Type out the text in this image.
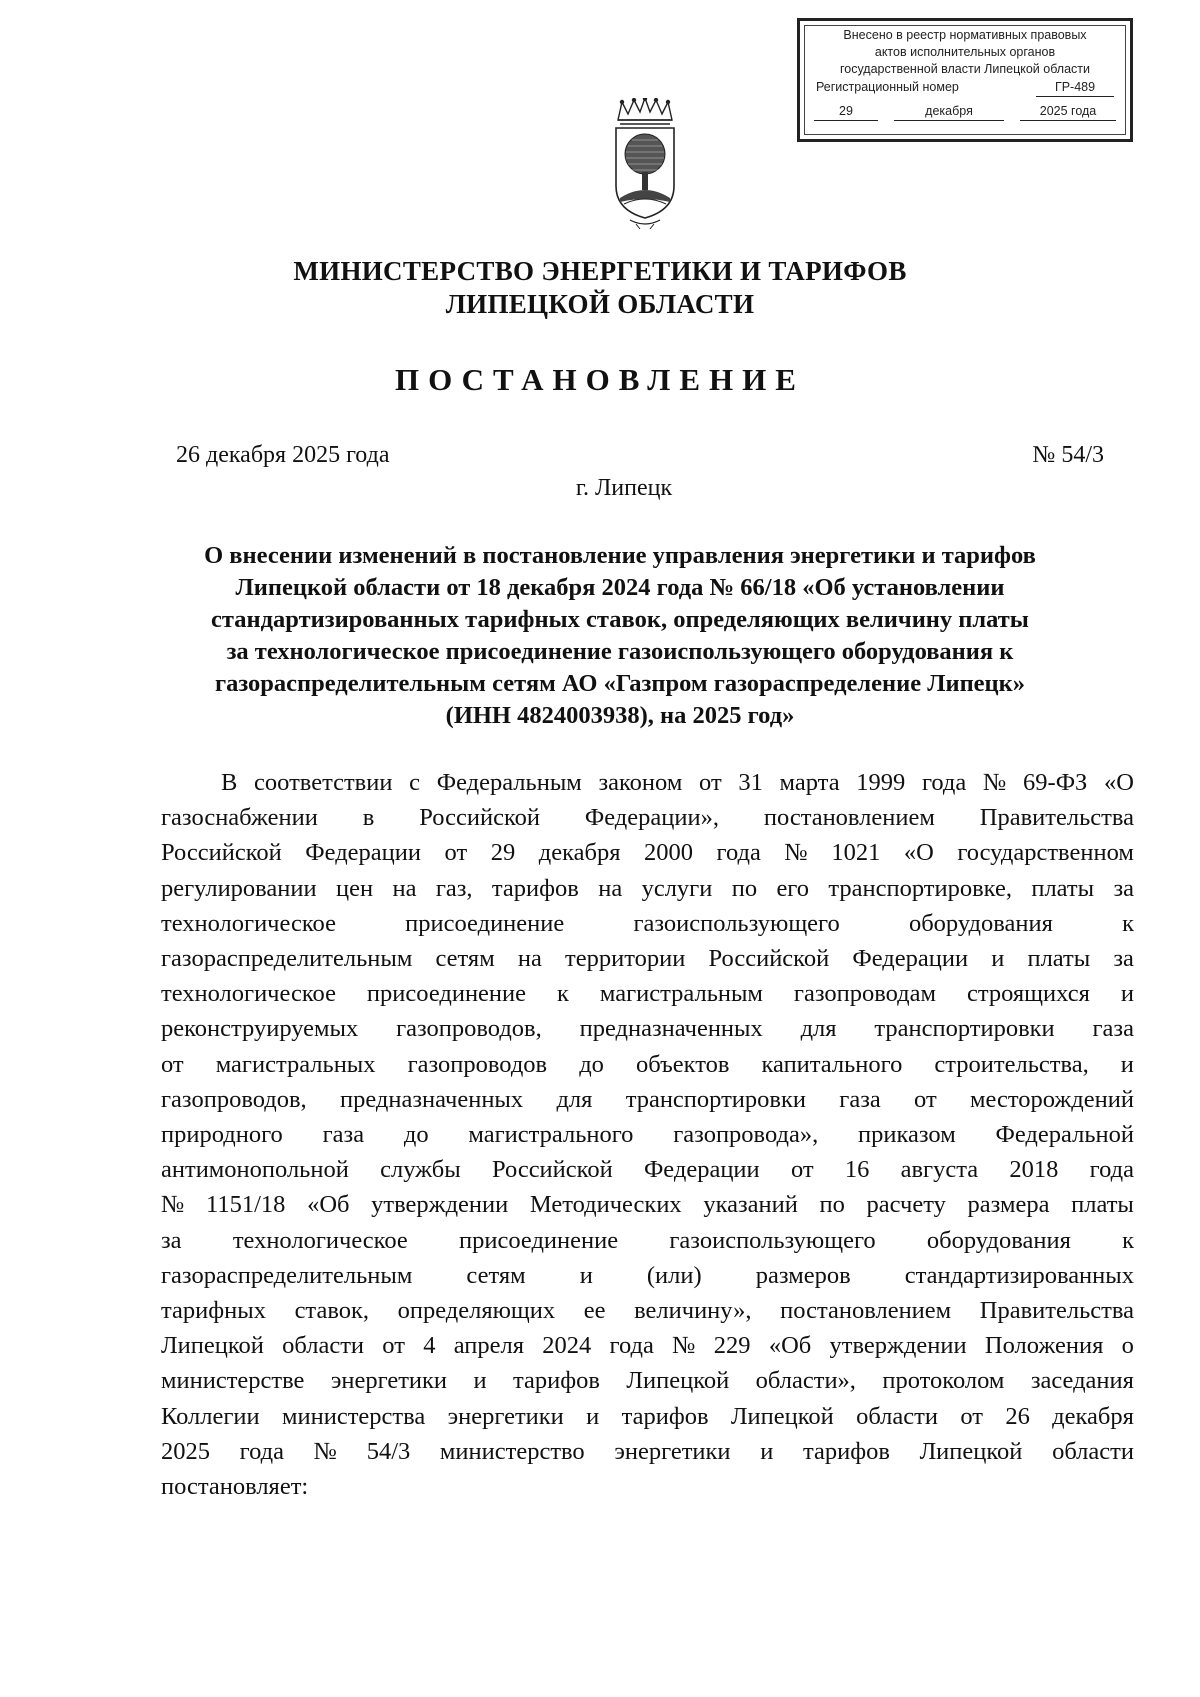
Внесено в реестр нормативных правовых
актов исполнительных органов
государственной власти Липецкой области
Регистрационный номер	ГР-489
29	декабря	2025 года
МИНИСТЕРСТВО ЭНЕРГЕТИКИ И ТАРИФОВ
ЛИПЕЦКОЙ ОБЛАСТИ
ПОСТАНОВЛЕНИЕ
26 декабря 2025 года	№ 54/3
г. Липецк
О внесении изменений в постановление управления энергетики и тарифов
Липецкой области от 18 декабря 2024 года № 66/18 «Об установлении
стандартизированных тарифных ставок, определяющих величину платы
за технологическое присоединение газоиспользующего оборудования к
газораспределительным сетям АО «Газпром газораспределение Липецк»
(ИНН 4824003938), на 2025 год»
В соответствии с Федеральным законом от 31 марта 1999 года № 69-ФЗ «О
газоснабжении в Российской Федерации», постановлением Правительства
Российской Федерации от 29 декабря 2000 года № 1021 «О государственном
регулировании цен на газ, тарифов на услуги по его транспортировке, платы за
технологическое	присоединение	газоиспользующего	оборудования	к
газораспределительным сетям на территории Российской Федерации и платы за
технологическое присоединение к магистральным газопроводам строящихся и
реконструируемых газопроводов, предназначенных для транспортировки газа
от магистральных газопроводов до объектов капитального строительства, и
газопроводов, предназначенных для транспортировки газа от месторождений
природного газа до магистрального газопровода», приказом Федеральной
антимонопольной службы Российской Федерации от 16 августа 2018 года
№ 1151/18 «Об утверждении Методических указаний по расчету размера платы
за технологическое присоединение газоиспользующего оборудования к
газораспределительным сетям и (или) размеров стандартизированных
тарифных ставок, определяющих ее величину», постановлением Правительства
Липецкой области от 4 апреля 2024 года № 229 «Об утверждении Положения о
министерстве энергетики и тарифов Липецкой области», протоколом заседания
Коллегии министерства энергетики и тарифов Липецкой области от 26 декабря
2025 года № 54/3 министерство энергетики и тарифов Липецкой области
постановляет:
